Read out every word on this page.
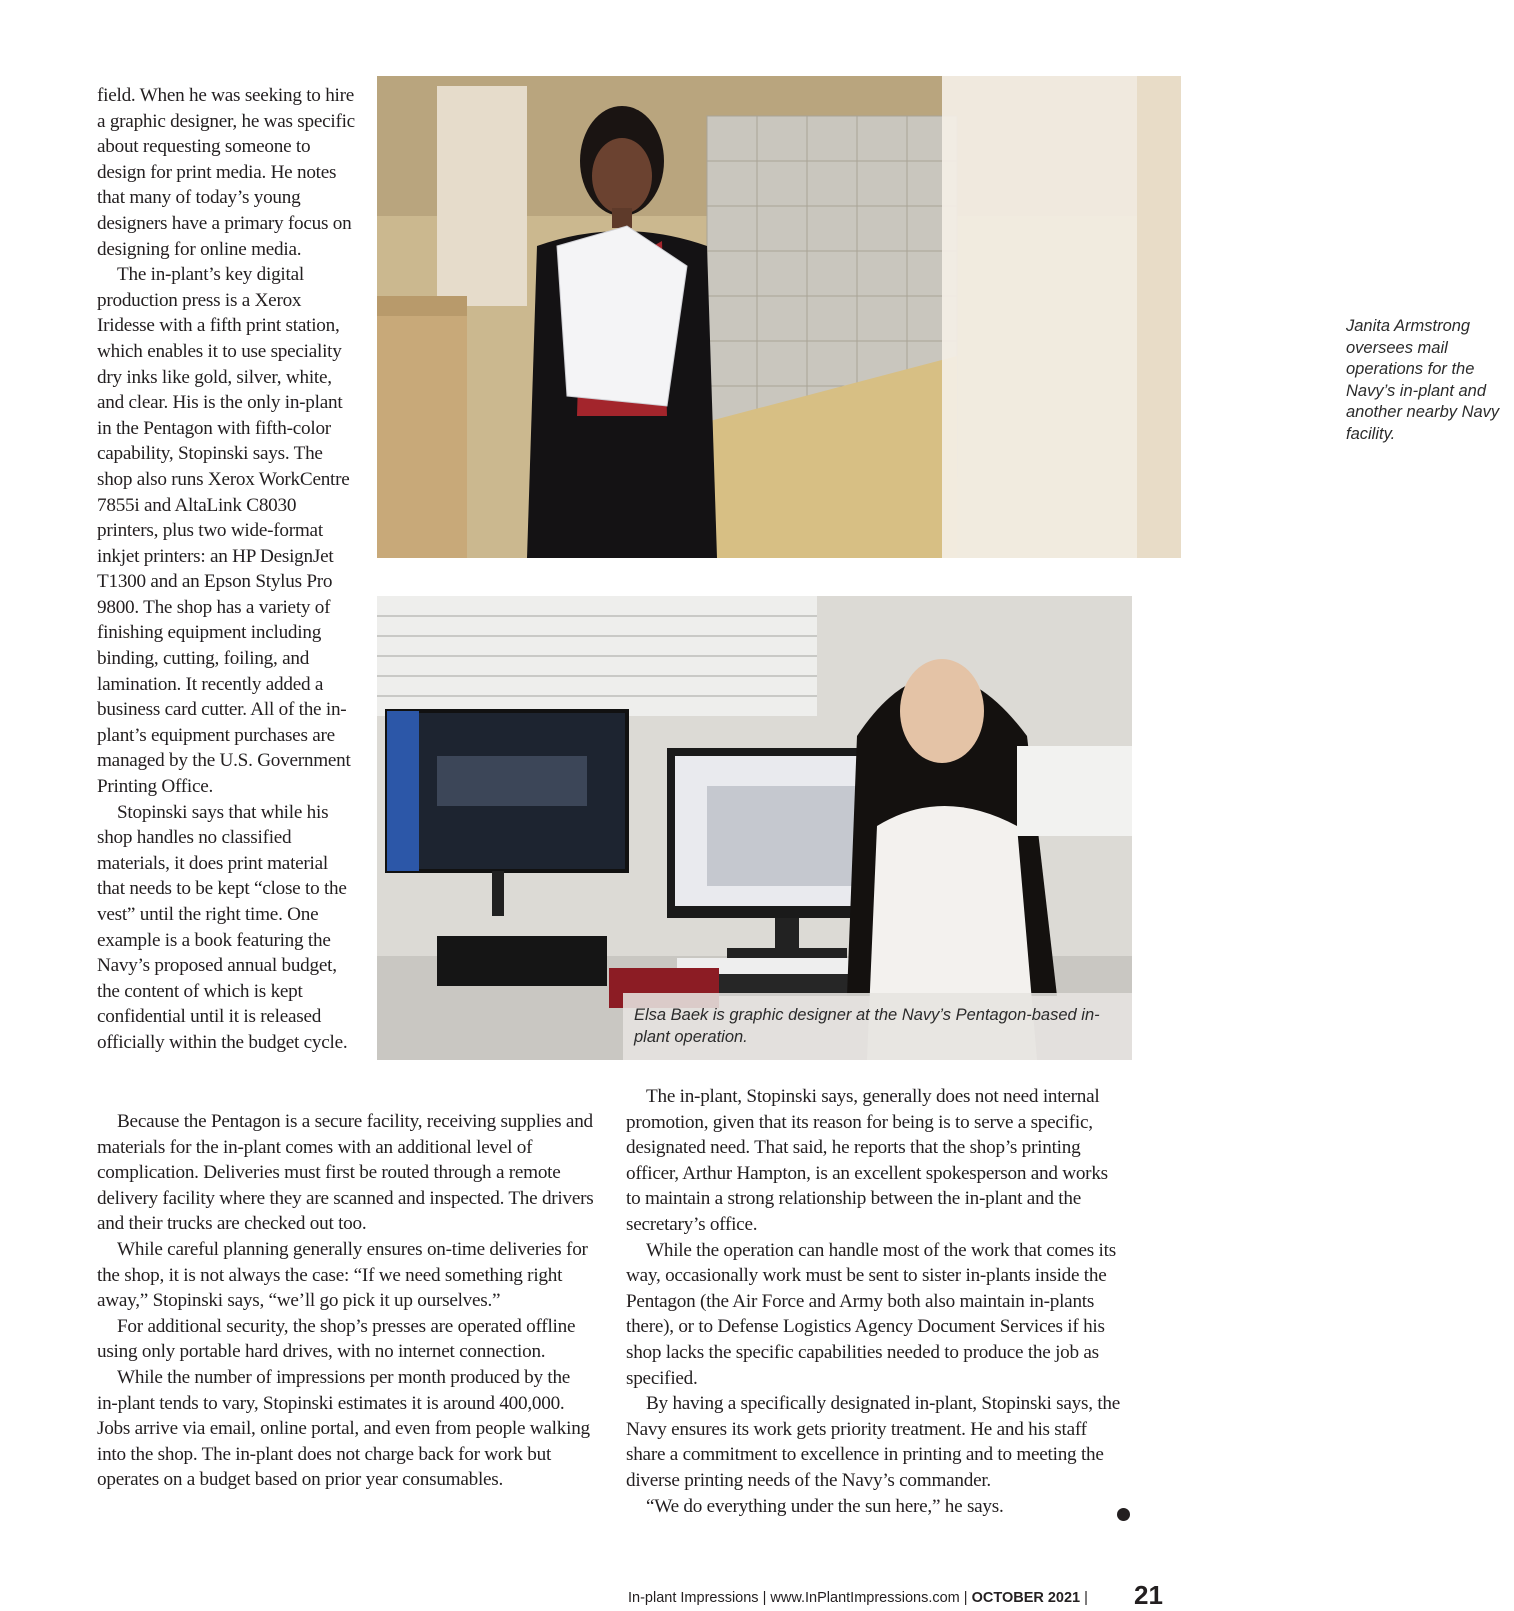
field. When he was seeking to hire a graphic designer, he was specific about requesting someone to design for print media. He notes that many of today’s young designers have a primary focus on designing for online media.

The in-plant’s key digital production press is a Xerox Iridesse with a fifth print station, which enables it to use speciality dry inks like gold, silver, white, and clear. His is the only in-plant in the Pentagon with fifth-color capability, Stopinski says. The shop also runs Xerox WorkCentre 7855i and AltaLink C8030 printers, plus two wide-format inkjet printers: an HP DesignJet T1300 and an Epson Stylus Pro 9800. The shop has a variety of finishing equipment including binding, cutting, foiling, and lamination. It recently added a business card cutter. All of the in-plant’s equipment purchases are managed by the U.S. Government Printing Office.

Stopinski says that while his shop handles no classified materials, it does print material that needs to be kept “close to the vest” until the right time. One example is a book featuring the Navy’s proposed annual budget, the content of which is kept confidential until it is released officially within the budget cycle.

Janita Armstrong oversees mail operations for the Navy’s in-plant and another nearby Navy facility.
Elsa Baek is graphic designer at the Navy’s Pentagon-based in-plant operation.

Because the Pentagon is a secure facility, receiving supplies and materials for the in-plant comes with an additional level of complication. Deliveries must first be routed through a remote delivery facility where they are scanned and inspected. The drivers and their trucks are checked out too.

While careful planning generally ensures on-time deliveries for the shop, it is not always the case: “If we need something right away,” Stopinski says, “we’ll go pick it up ourselves.”

For additional security, the shop’s presses are operated offline using only portable hard drives, with no internet connection.

While the number of impressions per month produced by the in-plant tends to vary, Stopinski estimates it is around 400,000. Jobs arrive via email, online portal, and even from people walking into the shop. The in-plant does not charge back for work but operates on a budget based on prior year consumables.

The in-plant, Stopinski says, generally does not need internal promotion, given that its reason for being is to serve a specific, designated need. That said, he reports that the shop’s printing officer, Arthur Hampton, is an excellent spokesperson and works to maintain a strong relationship between the in-plant and the secretary’s office.

While the operation can handle most of the work that comes its way, occasionally work must be sent to sister in-plants inside the Pentagon (the Air Force and Army both also maintain in-plants there), or to Defense Logistics Agency Document Services if his shop lacks the specific capabilities needed to produce the job as specified.

By having a specifically designated in-plant, Stopinski says, the Navy ensures its work gets priority treatment. He and his staff share a commitment to excellence in printing and to meeting the diverse printing needs of the Navy’s commander.

“We do everything under the sun here,” he says.

In-plant Impressions | www.InPlantImpressions.com | OCTOBER 2021 | 21
